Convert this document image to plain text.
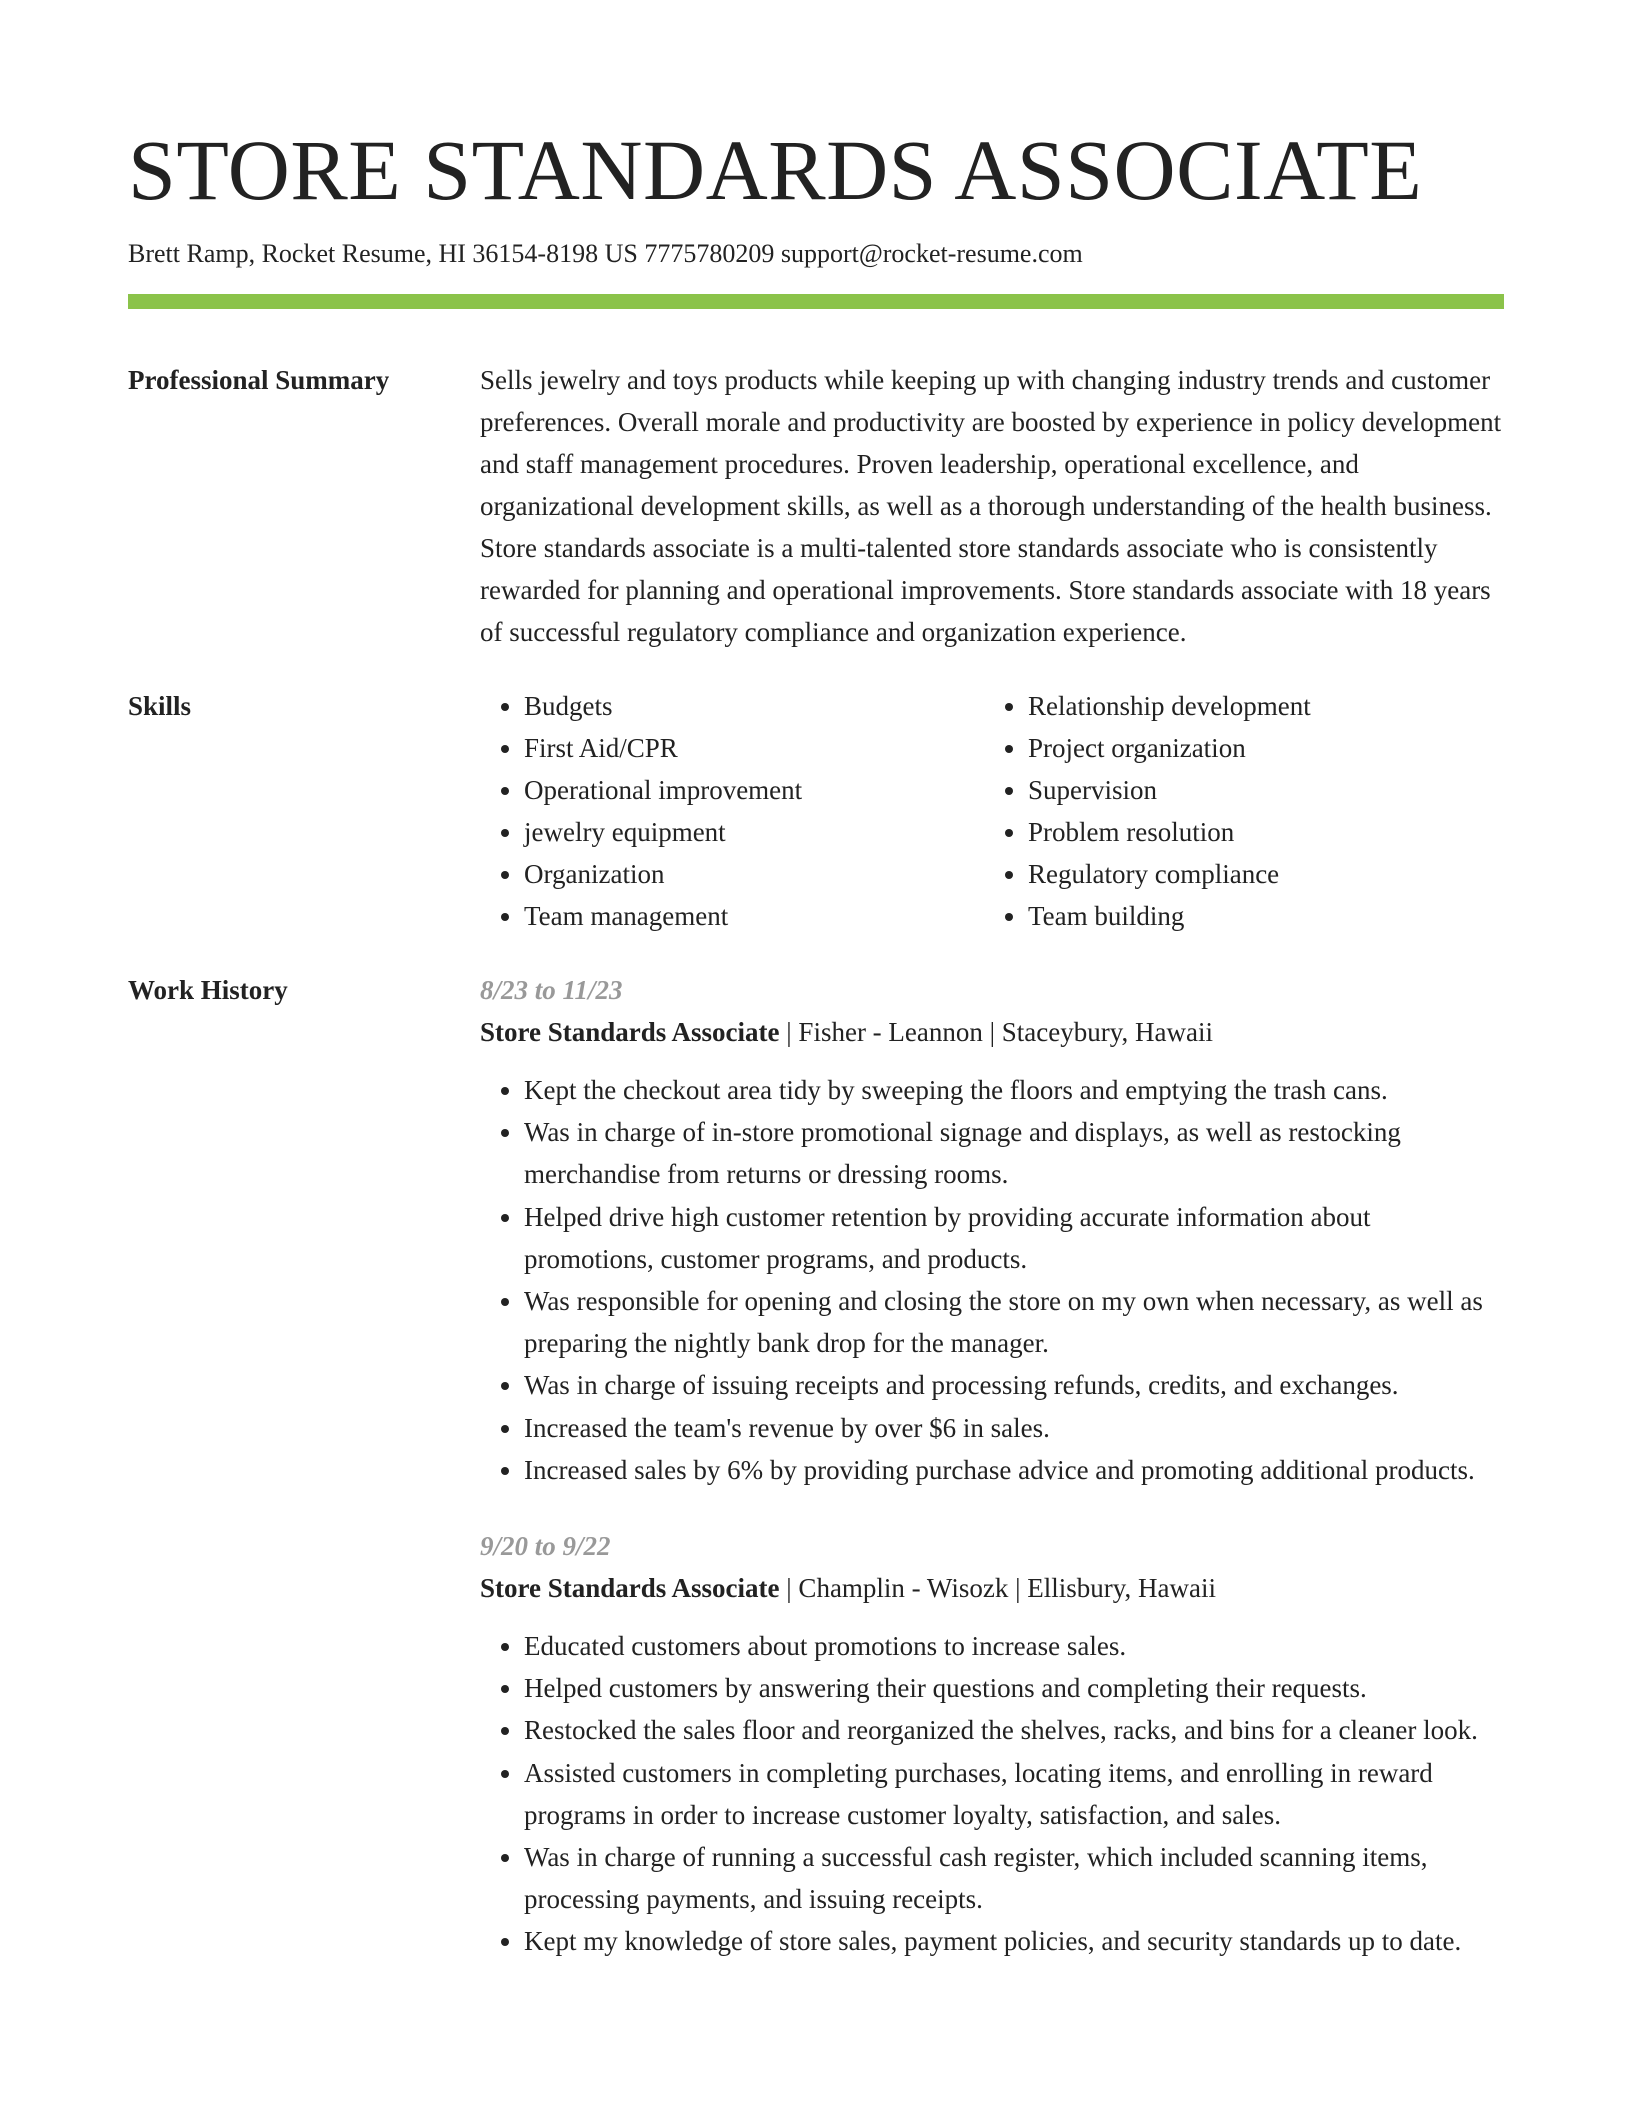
STORE STANDARDS ASSOCIATE
Brett Ramp, Rocket Resume, HI 36154-8198 US 7775780209 support@rocket-resume.com
Professional Summary	Sells jewelry and toys products while keeping up with changing industry trends and customer preferences. Overall morale and productivity are boosted by experience in policy development and staff management procedures. Proven leadership, operational excellence, and organizational development skills, as well as a thorough understanding of the health business. Store standards associate is a multi-talented store standards associate who is consistently rewarded for planning and operational improvements. Store standards associate with 18 years of successful regulatory compliance and organization experience.

Skills
•	Budgets
• First Aid/CPR
• Operational improvement
• jewelry equipment
• Organization
• Team management
• Relationship development
• Project organization
• Supervision
• Problem resolution
• Regulatory compliance
• Team building
Work History	8/23 to 11/23
Store Standards Associate | Fisher - Leannon | Staceybury, Hawaii
• Kept the checkout area tidy by sweeping the floors and emptying the trash cans.
• Was in charge of in-store promotional signage and displays, as well as restocking merchandise from returns or dressing rooms.
• Helped drive high customer retention by providing accurate information about promotions, customer programs, and products.
• Was responsible for opening and closing the store on my own when necessary, as well as preparing the nightly bank drop for the manager.
• Was in charge of issuing receipts and processing refunds, credits, and exchanges.
• Increased the team's revenue by over $6 in sales.
• Increased sales by 6% by providing purchase advice and promoting additional products.
9/20 to 9/22
Store Standards Associate | Champlin - Wisozk | Ellisbury, Hawaii
• Educated customers about promotions to increase sales.
• Helped customers by answering their questions and completing their requests.
• Restocked the sales floor and reorganized the shelves, racks, and bins for a cleaner look.
• Assisted customers in completing purchases, locating items, and enrolling in reward programs in order to increase customer loyalty, satisfaction, and sales.
• Was in charge of running a successful cash register, which included scanning items, processing payments, and issuing receipts.
• Kept my knowledge of store sales, payment policies, and security standards up to date.
